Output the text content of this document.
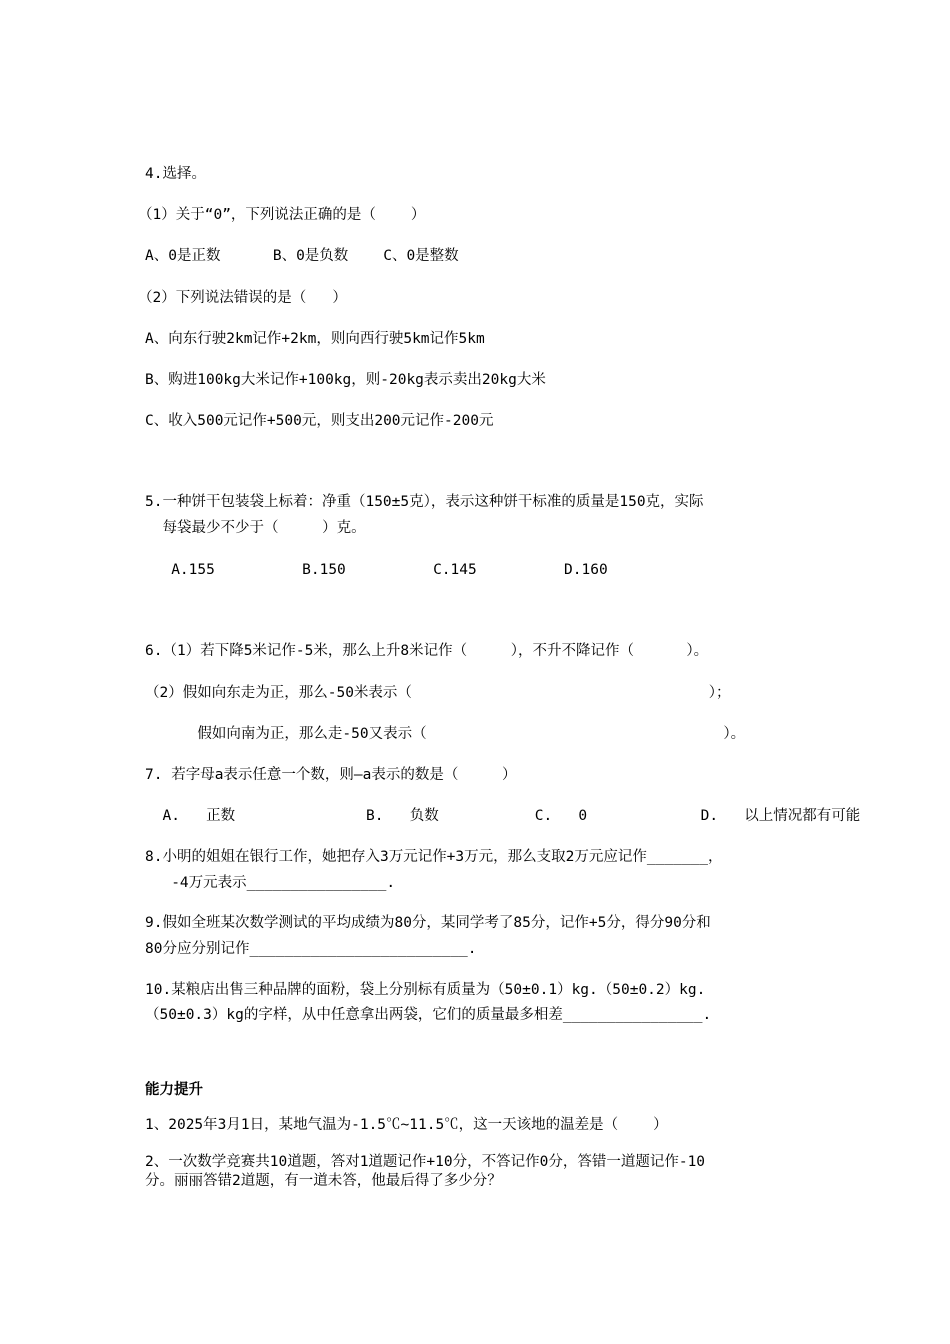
4.选择。
（1）关于“0”，下列说法正确的是（    ）
A、0是正数      B、0是负数    C、0是整数
（2）下列说法错误的是（   ）
A、向东行驶2km记作+2km，则向西行驶5km记作5km
B、购进100kg大米记作+100kg，则-20kg表示卖出20kg大米
C、收入500元记作+500元，则支出200元记作-200元
5.一种饼干包装袋上标着：净重（150±5克），表示这种饼干标准的质量是150克，实际
每袋最少不少于（     ）克。
A.155          B.150          C.145          D.160
6.（1）若下降5米记作-5米，那么上升8米记作（     ），不升不降记作（      ）。
（2）假如向东走为正，那么-50米表示（                                  ）；
假如向南为正，那么走-50又表示（                                  ）。
7. 若字母a表示任意一个数，则—a表示的数是（     ）
A.   正数               B.   负数           C.   0             D.   以上情况都有可能
8.小明的姐姐在银行工作，她把存入3万元记作+3万元，那么支取2万元应记作_______，
-4万元表示________________.
9.假如全班某次数学测试的平均成绩为80分，某同学考了85分，记作+5分，得分90分和
80分应分别记作_________________________.
10.某粮店出售三种品牌的面粉，袋上分别标有质量为（50±0.1）kg.（50±0.2）kg.
（50±0.3）kg的字样，从中任意拿出两袋，它们的质量最多相差________________.
能力提升
1、2025年3月1日，某地气温为-1.5℃~11.5℃，这一天该地的温差是（    ）
2、一次数学竞赛共10道题，答对1道题记作+10分，不答记作0分，答错一道题记作-10
分。丽丽答错2道题，有一道未答，他最后得了多少分？
